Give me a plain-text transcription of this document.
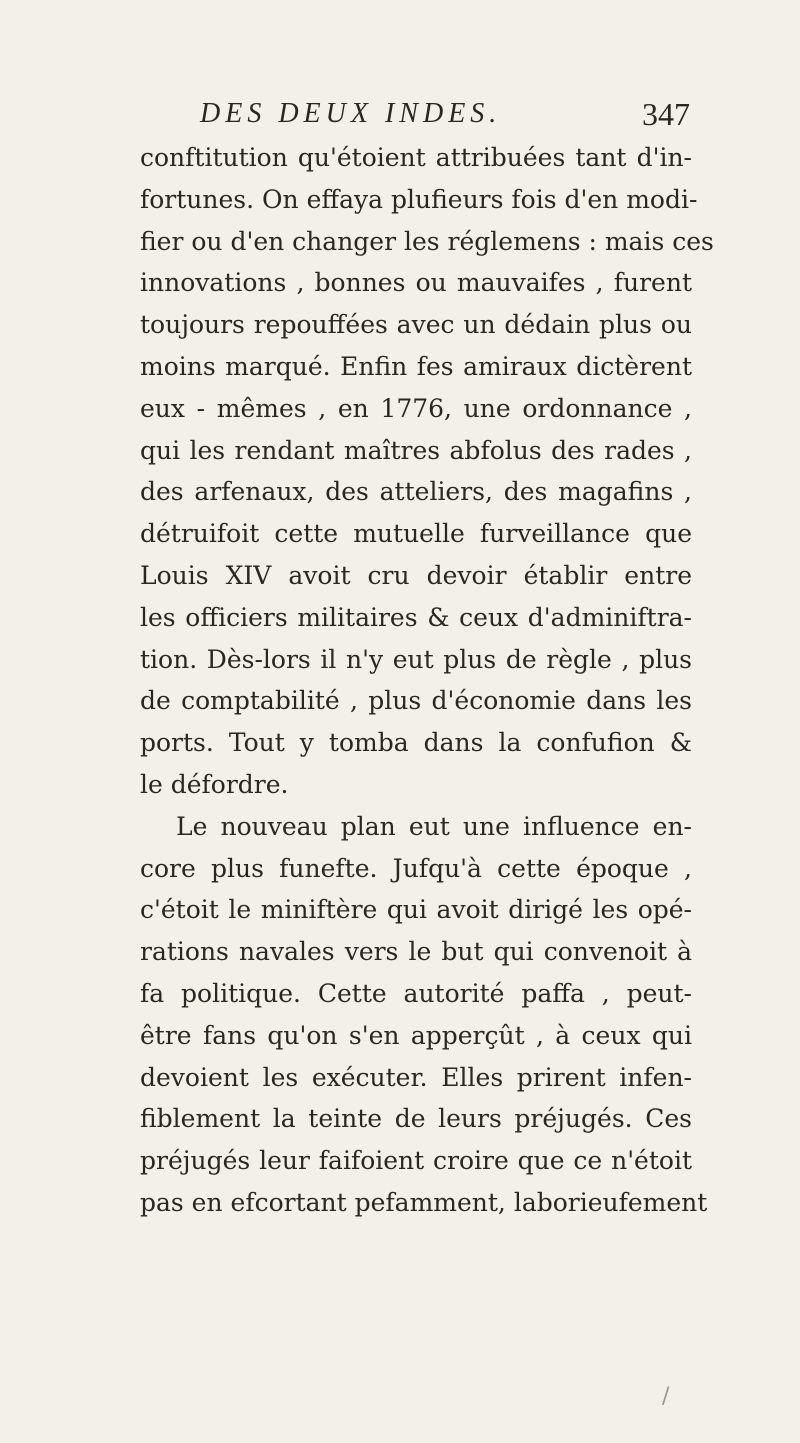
DES DEUX INDES.	347
conftitution qu'étoient attribuées tant d'in-
fortunes. On effaya plufieurs fois d'en modi-
fier ou d'en changer les réglemens : mais ces
innovations , bonnes ou mauvaifes , furent
toujours repouffées avec un dédain plus ou
moins marqué. Enfin fes amiraux dictèrent
eux - mêmes , en 1776, une ordonnance ,
qui les rendant maîtres abfolus des rades ,
des arfenaux, des atteliers, des magafins ,
détruifoit cette mutuelle furveillance que
Louis XIV avoit cru devoir établir entre
les officiers militaires & ceux d'adminiftra-
tion. Dès-lors il n'y eut plus de règle , plus
de comptabilité , plus d'économie dans les
ports. Tout y tomba dans la confufion &
le défordre.
Le nouveau plan eut une influence en-
core plus funefte. Jufqu'à cette époque ,
c'étoit le miniftère qui avoit dirigé les opé-
rations navales vers le but qui convenoit à
fa politique. Cette autorité paffa , peut-
être fans qu'on s'en apperçût , à ceux qui
devoient les exécuter. Elles prirent infen-
fiblement la teinte de leurs préjugés. Ces
préjugés leur faifoient croire que ce n'étoit
pas en efcortant pefamment, laborieufement
/
